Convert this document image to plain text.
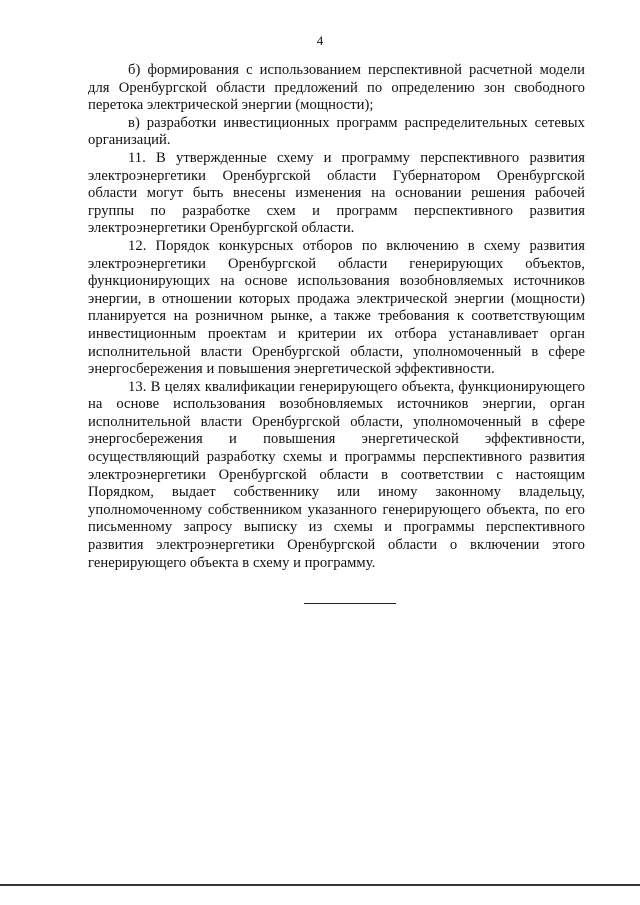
4

б) формирования с использованием перспективной расчетной модели для Оренбургской области предложений по определению зон свободного перетока электрической энергии (мощности);

в) разработки инвестиционных программ распределительных сетевых организаций.

11. В утвержденные схему и программу перспективного развития электроэнергетики Оренбургской области Губернатором Оренбургской области могут быть внесены изменения на основании решения рабочей группы по разработке схем и программ перспективного развития электроэнергетики Оренбургской области.

12. Порядок конкурсных отборов по включению в схему развития электроэнергетики Оренбургской области генерирующих объектов, функционирующих на основе использования возобновляемых источников энергии, в отношении которых продажа электрической энергии (мощности) планируется на розничном рынке, а также требования к соответствующим инвестиционным проектам и критерии их отбора устанавливает орган исполнительной власти Оренбургской области, уполномоченный в сфере энергосбережения и повышения энергетической эффективности.

13. В целях квалификации генерирующего объекта, функционирующего на основе использования возобновляемых источников энергии, орган исполнительной власти Оренбургской области, уполномоченный в сфере энергосбережения и повышения энергетической эффективности, осуществляющий разработку схемы и программы перспективного развития электроэнергетики Оренбургской области в соответствии с настоящим Порядком, выдает собственнику или иному законному владельцу, уполномоченному собственником указанного генерирующего объекта, по его письменному запросу выписку из схемы и программы перспективного развития электроэнергетики Оренбургской области о включении этого генерирующего объекта в схему и программу.
